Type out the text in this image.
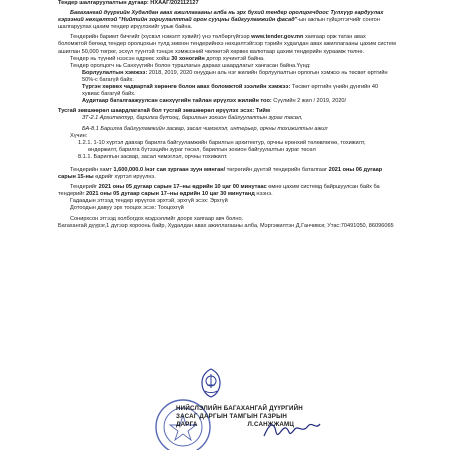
Тендер шалгаруулалтын дугаар: НХААГ/202112127

Багахангай дүүргийн Худалдан авах ажиллагааны алба нь эрх бүхий тендер оролцогчдоос Тулхүүр гардуулах гэрээний нөхцөлтэй "Нийтийн зориулалттай орон сууцны байгууламжийн фасад"-ын ажлын гүйцэтгэгчийг сонгон шалгаруулах цахим тендер ирүүлэхийг урьж байна.

Тендерийн баримт бичгийг (хүсвэл нэмэлт хувийг) үнэ төлбөргүйгээр www.tender.gov.mn хаягаар орж татан авах боломжтой бөгөөд тендер оролцохын тулд зөвхөн тендерийнхэ нөхцөлтэйгээр тэрийн худалдан авах ажиллагааны цахим систем ашиглан 50,000 төгрөг, эсхүл түүнтэй тэнцэх хэмжээний чөлөөтэй хөрвөх валютаар цахим тендерийн хураамж төлнө.

Тендер нь түүний нээсэн өдрөөс хойш 30 хоногийн дотор хүчинтэй байна.

Тендер оролцогч нь Санхүүгийн болон туршлагын дараах шаардлагыг хангасан байна.Үүнд:

Борлуулалтын хэмжээ: 2018, 2019, 2020 онуудын аль нэг жилийн борлуулалтын орлогын хэмжээ нь төсвөт өртгийн 50%-с багагүй байх.

Түргэн хөрвөх чадвартай хөрөнгө болон авах боломжтой зээлийн хэмжээ: Төсвөт өртгийн үнийн дүнгийн 40 хувиас багагүй байх.

Аудитаар баталгаажуулсан санхүүгийн тайлан ирүүлэх жилийн тоо: Сүүлийн 2 жил / 2019, 2020/

Тусгай зөвшөөрөл шаардлагатай бол тусгай зөвшөөрөл ирүүлэх эсэх: Тийм

ЗТ-2.1 Архитектур, барилга бүтээц, барилгын зохион байгуулалтын зураг төсөл,

БА-8.1 Барилга байгууламжийн засвар, засал чимэглэл, интерьер, орчны тохижилтын ажил

Хүчин:

1.2.1. 1-10 хүртэл давхар барилга байгууламжийн барилгын архитектур, орчны ерөнхий төлөвлөгөө, тохижилт, өндөржилт, барилга бүтээцийн зураг төсөл, барилгын зохион байгуулалтын зураг төсөл

8.1.1. Барилгын засвар, засал чимэглэл, орчны тохижилт.

Тендерийн хамт 1,600,000.0 /нэг сая зургаан зуун мянган/ төгрөгийн дүнтэй тендерийн баталгааг 2021 оны 06 дугаар сарын 15-ны өдрийг хүртэл ирүүлнэ.

Тендерийг 2021 оны 05 дугаар сарын 17–ны өдрийн 10 цаг 00 минутаас өмнө цахим системд байршуулсан байх ба тендерийг 2021 оны 05 дугаар сарын 17–ны өдрийн 10 цаг 30 минутанд нээнэ.

Гадаадын этгээд тендер ирүүлэх эрхтэй, эрхгүй эсэх: Эрхгүй

Дотоодын давуу эрх тооцох эсэх: Тооцохгүй

Сонирхсон этгээд холбогдох мэдээллийг доорх хаягаар авч болно.

Багахангай дүүрэг,1 дүгээр хороонь байр, Худалдан авах ажиллагааны алба, Мэргэжилтэн Д.Ганчимэг, Утас:70491050, 86096065

НИЙСЛЭЛИЙН БАГАХАНГАЙ ДҮҮРГИЙН

ЗАСАГ ДАРГЫН ТАМГЫН ГАЗРЫН

ДАРГА                          Л.САНЖЖАМЦ
